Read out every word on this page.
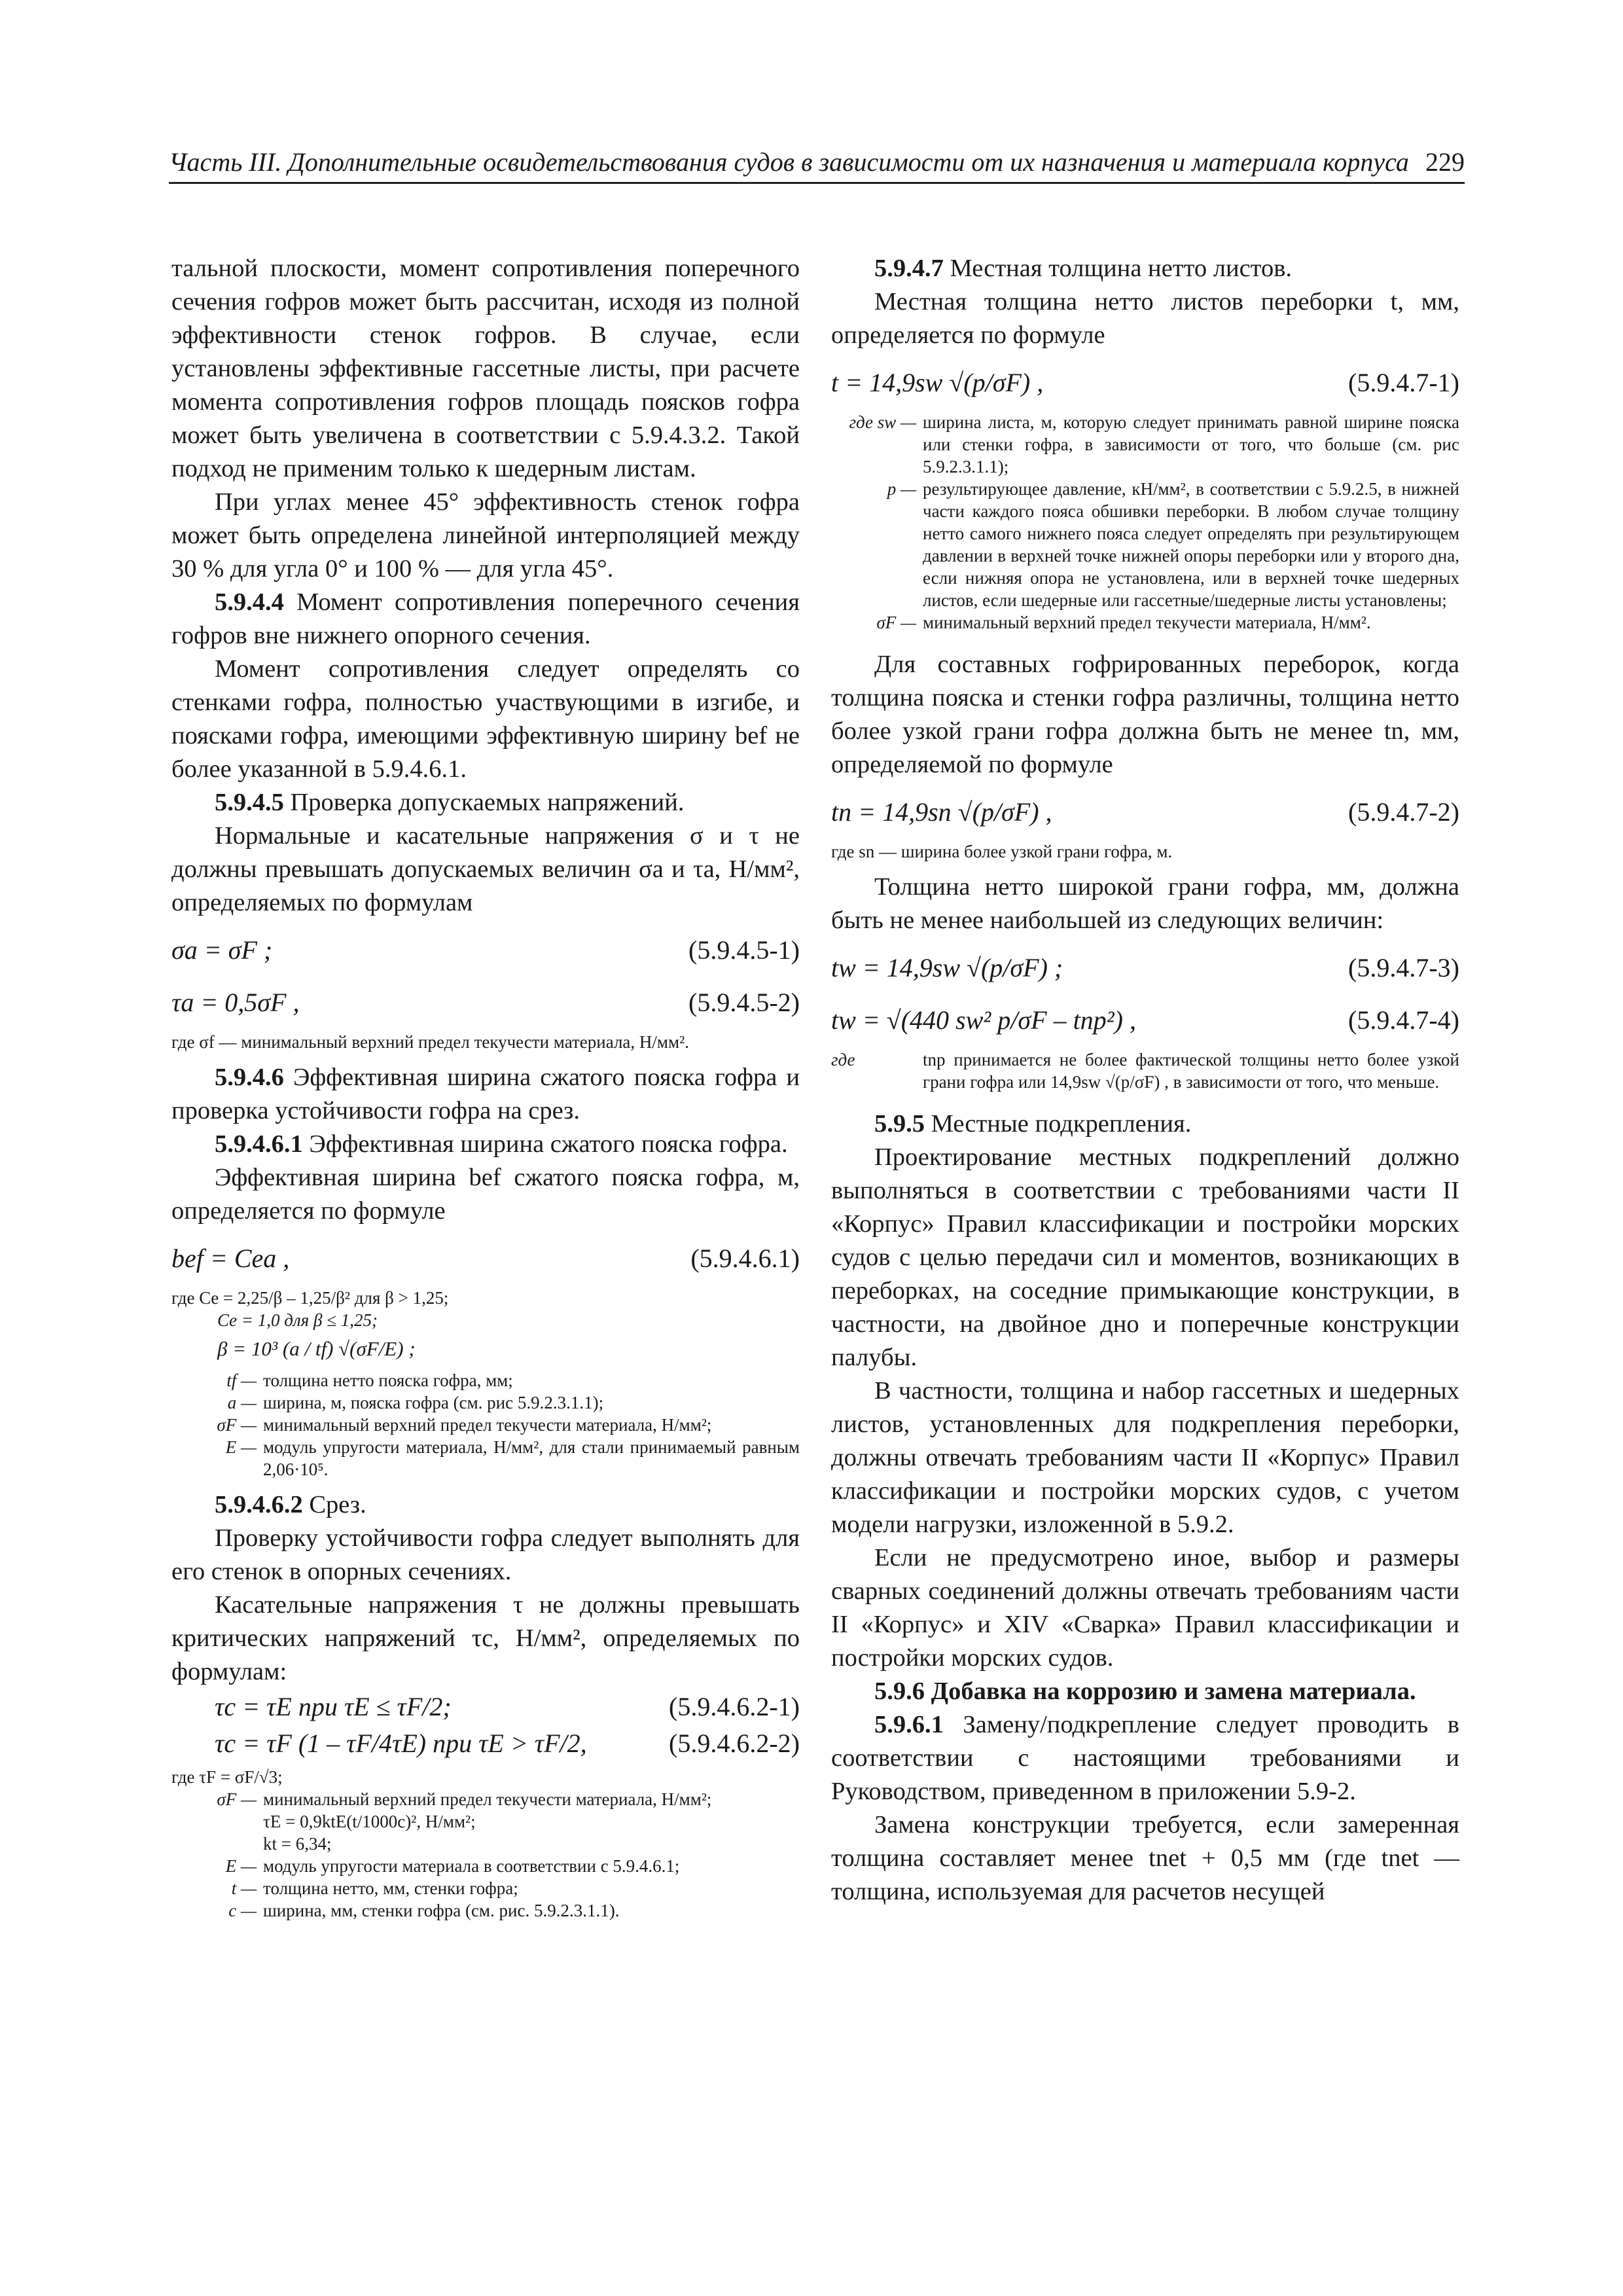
Часть III. Дополнительные освидетельствования судов в зависимости от их назначения и материала корпуса 229

тальной плоскости, момент сопротивления поперечного сечения гофров может быть рассчитан, исходя из полной эффективности стенок гофров. В случае, если установлены эффективные гассетные листы, при расчете момента сопротивления гофров площадь поясков гофра может быть увеличена в соответствии с 5.9.4.3.2. Такой подход не применим только к шедерным листам.

При углах менее 45° эффективность стенок гофра может быть определена линейной интерполяцией между 30 % для угла 0° и 100 % — для угла 45°.

5.9.4.4 Момент сопротивления поперечного сечения гофров вне нижнего опорного сечения.

Момент сопротивления следует определять со стенками гофра, полностью участвующими в изгибе, и поясками гофра, имеющими эффективную ширину bef не более указанной в 5.9.4.6.1.

5.9.4.5 Проверка допускаемых напряжений.

Нормальные и касательные напряжения σ и τ не должны превышать допускаемых величин σa и τa, Н/мм², определяемых по формулам

σa = σF ;	(5.9.4.5-1)
τa = 0,5σF ,	(5.9.4.5-2)
где σf — минимальный верхний предел текучести материала, Н/мм².

5.9.4.6 Эффективная ширина сжатого пояска гофра и проверка устойчивости гофра на срез.

5.9.4.6.1 Эффективная ширина сжатого пояска гофра.

Эффективная ширина bef сжатого пояска гофра, м, определяется по формуле

bef = Cea ,	(5.9.4.6.1)
где Ce = 2,25/β – 1,25/β² для β > 1,25;
Ce = 1,0 для β ≤ 1,25;
β = 10³ (a / tf) √(σF/E) ;
tf — толщина нетто пояска гофра, мм;
a — ширина, м, пояска гофра (см. рис 5.9.2.3.1.1);
σF — минимальный верхний предел текучести материала, Н/мм²;
E — модуль упругости материала, Н/мм², для стали принимаемый равным 2,06·10⁵.

5.9.4.6.2 Срез.

Проверку устойчивости гофра следует выполнять для его стенок в опорных сечениях.

Касательные напряжения τ не должны превышать критических напряжений τc, Н/мм², определяемых по формулам:

τc = τE при τE ≤ τF/2;	(5.9.4.6.2-1)
τc = τF (1 – τF/4τE) при τE > τF/2,	(5.9.4.6.2-2)
где τF = σF/√3;
σF — минимальный верхний предел текучести материала, Н/мм²;
τE = 0,9ktE(t/1000c)², Н/мм²;
kt = 6,34;
E — модуль упругости материала в соответствии с 5.9.4.6.1;
t — толщина нетто, мм, стенки гофра;
c — ширина, мм, стенки гофра (см. рис. 5.9.2.3.1.1).

5.9.4.7 Местная толщина нетто листов.

Местная толщина нетто листов переборки t, мм, определяется по формуле

t = 14,9sw √(p/σF) ,	(5.9.4.7-1)
где sw — ширина листа, м, которую следует принимать равной ширине пояска или стенки гофра, в зависимости от того, что больше (см. рис 5.9.2.3.1.1);
p — результирующее давление, кН/мм², в соответствии с 5.9.2.5, в нижней части каждого пояса обшивки переборки. В любом случае толщину нетто самого нижнего пояса следует определять при результирующем давлении в верхней точке нижней опоры переборки или у второго дна, если нижняя опора не установлена, или в верхней точке шедерных листов, если шедерные или гассетные/шедерные листы установлены;
σF — минимальный верхний предел текучести материала, Н/мм².

Для составных гофрированных переборок, когда толщина пояска и стенки гофра различны, толщина нетто более узкой грани гофра должна быть не менее tn, мм, определяемой по формуле

tn = 14,9sn √(p/σF) ,	(5.9.4.7-2)
где sn — ширина более узкой грани гофра, м.

Толщина нетто широкой грани гофра, мм, должна быть не менее наибольшей из следующих величин:

tw = 14,9sw √(p/σF) ;	(5.9.4.7-3)
tw = √(440 sw² p/σF – tnp²) ,	(5.9.4.7-4)
где	tnp принимается не более фактической толщины нетто более узкой грани гофра или 14,9sw √(p/σF) , в зависимости от того, что меньше.

5.9.5 Местные подкрепления.

Проектирование местных подкреплений должно выполняться в соответствии с требованиями части II «Корпус» Правил классификации и постройки морских судов с целью передачи сил и моментов, возникающих в переборках, на соседние примыкающие конструкции, в частности, на двойное дно и поперечные конструкции палубы.

В частности, толщина и набор гассетных и шедерных листов, установленных для подкрепления переборки, должны отвечать требованиям части II «Корпус» Правил классификации и постройки морских судов, с учетом модели нагрузки, изложенной в 5.9.2.

Если не предусмотрено иное, выбор и размеры сварных соединений должны отвечать требованиям части II «Корпус» и XIV «Сварка» Правил классификации и постройки морских судов.

5.9.6 Добавка на коррозию и замена материала.

5.9.6.1 Замену/подкрепление следует проводить в соответствии с настоящими требованиями и Руководством, приведенном в приложении 5.9-2.

Замена конструкции требуется, если замеренная толщина составляет менее tnet + 0,5 мм (где tnet — толщина, используемая для расчетов несущей
